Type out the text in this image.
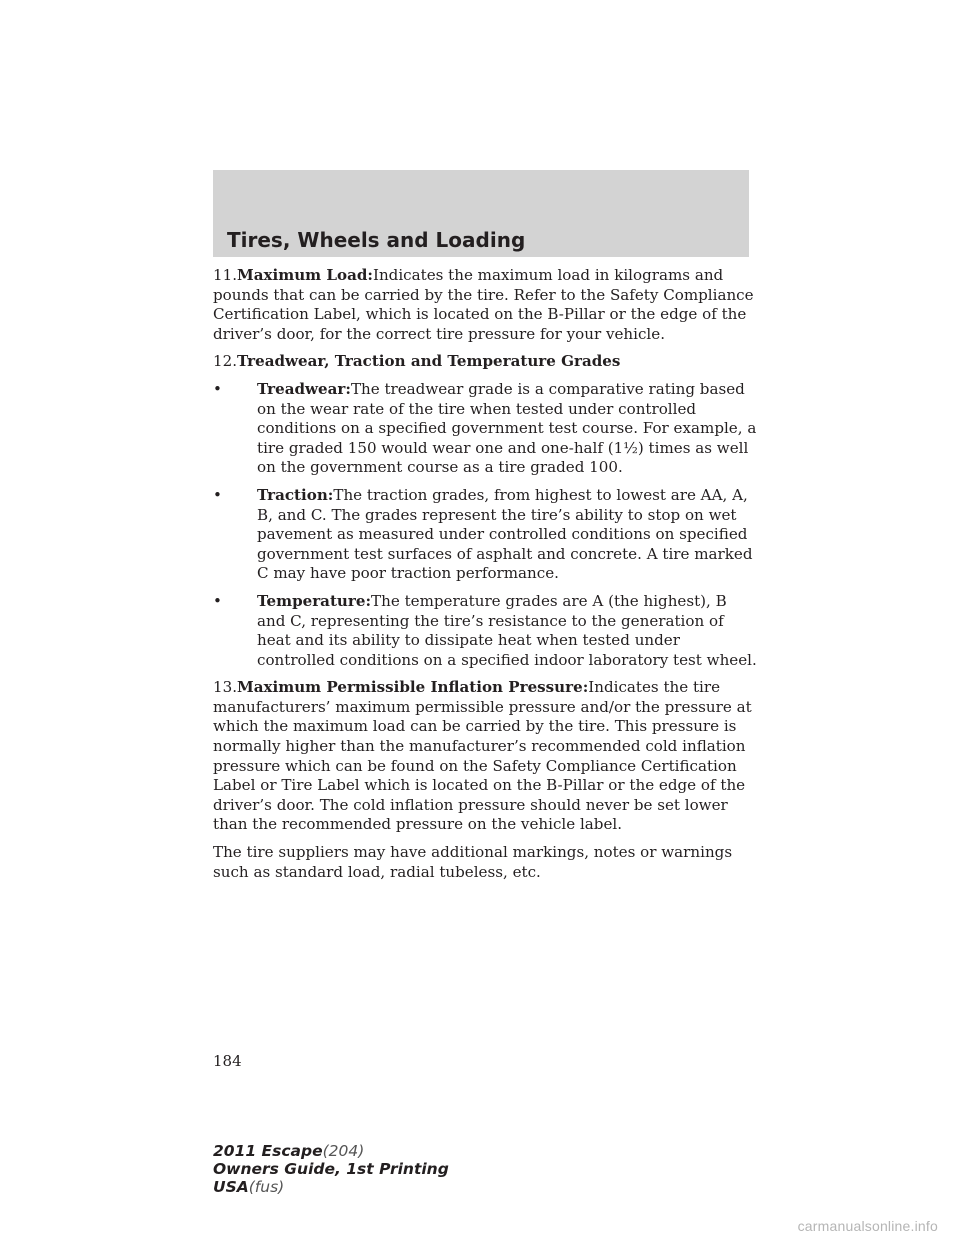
Tires, Wheels and Loading

11.Maximum Load:Indicates the maximum load in kilograms and pounds that can be carried by the tire. Refer to the Safety Compliance Certification Label, which is located on the B-Pillar or the edge of the driver’s door, for the correct tire pressure for your vehicle.

12.Treadwear, Traction and Temperature Grades

• Treadwear:The treadwear grade is a comparative rating based on the wear rate of the tire when tested under controlled conditions on a specified government test course. For example, a tire graded 150 would wear one and one-half (1½) times as well on the government course as a tire graded 100.
• Traction:The traction grades, from highest to lowest are AA, A, B, and C. The grades represent the tire’s ability to stop on wet pavement as measured under controlled conditions on specified government test surfaces of asphalt and concrete. A tire marked C may have poor traction performance.
• Temperature:The temperature grades are A (the highest), B and C, representing the tire’s resistance to the generation of heat and its ability to dissipate heat when tested under controlled conditions on a specified indoor laboratory test wheel.

13.Maximum Permissible Inflation Pressure:Indicates the tire manufacturers’ maximum permissible pressure and/or the pressure at which the maximum load can be carried by the tire. This pressure is normally higher than the manufacturer’s recommended cold inflation pressure which can be found on the Safety Compliance Certification Label or Tire Label which is located on the B-Pillar or the edge of the driver’s door. The cold inflation pressure should never be set lower than the recommended pressure on the vehicle label.

The tire suppliers may have additional markings, notes or warnings such as standard load, radial tubeless, etc.

184
2011 Escape(204)
Owners Guide, 1st Printing
USA(fus)
carmanualsonline.info
